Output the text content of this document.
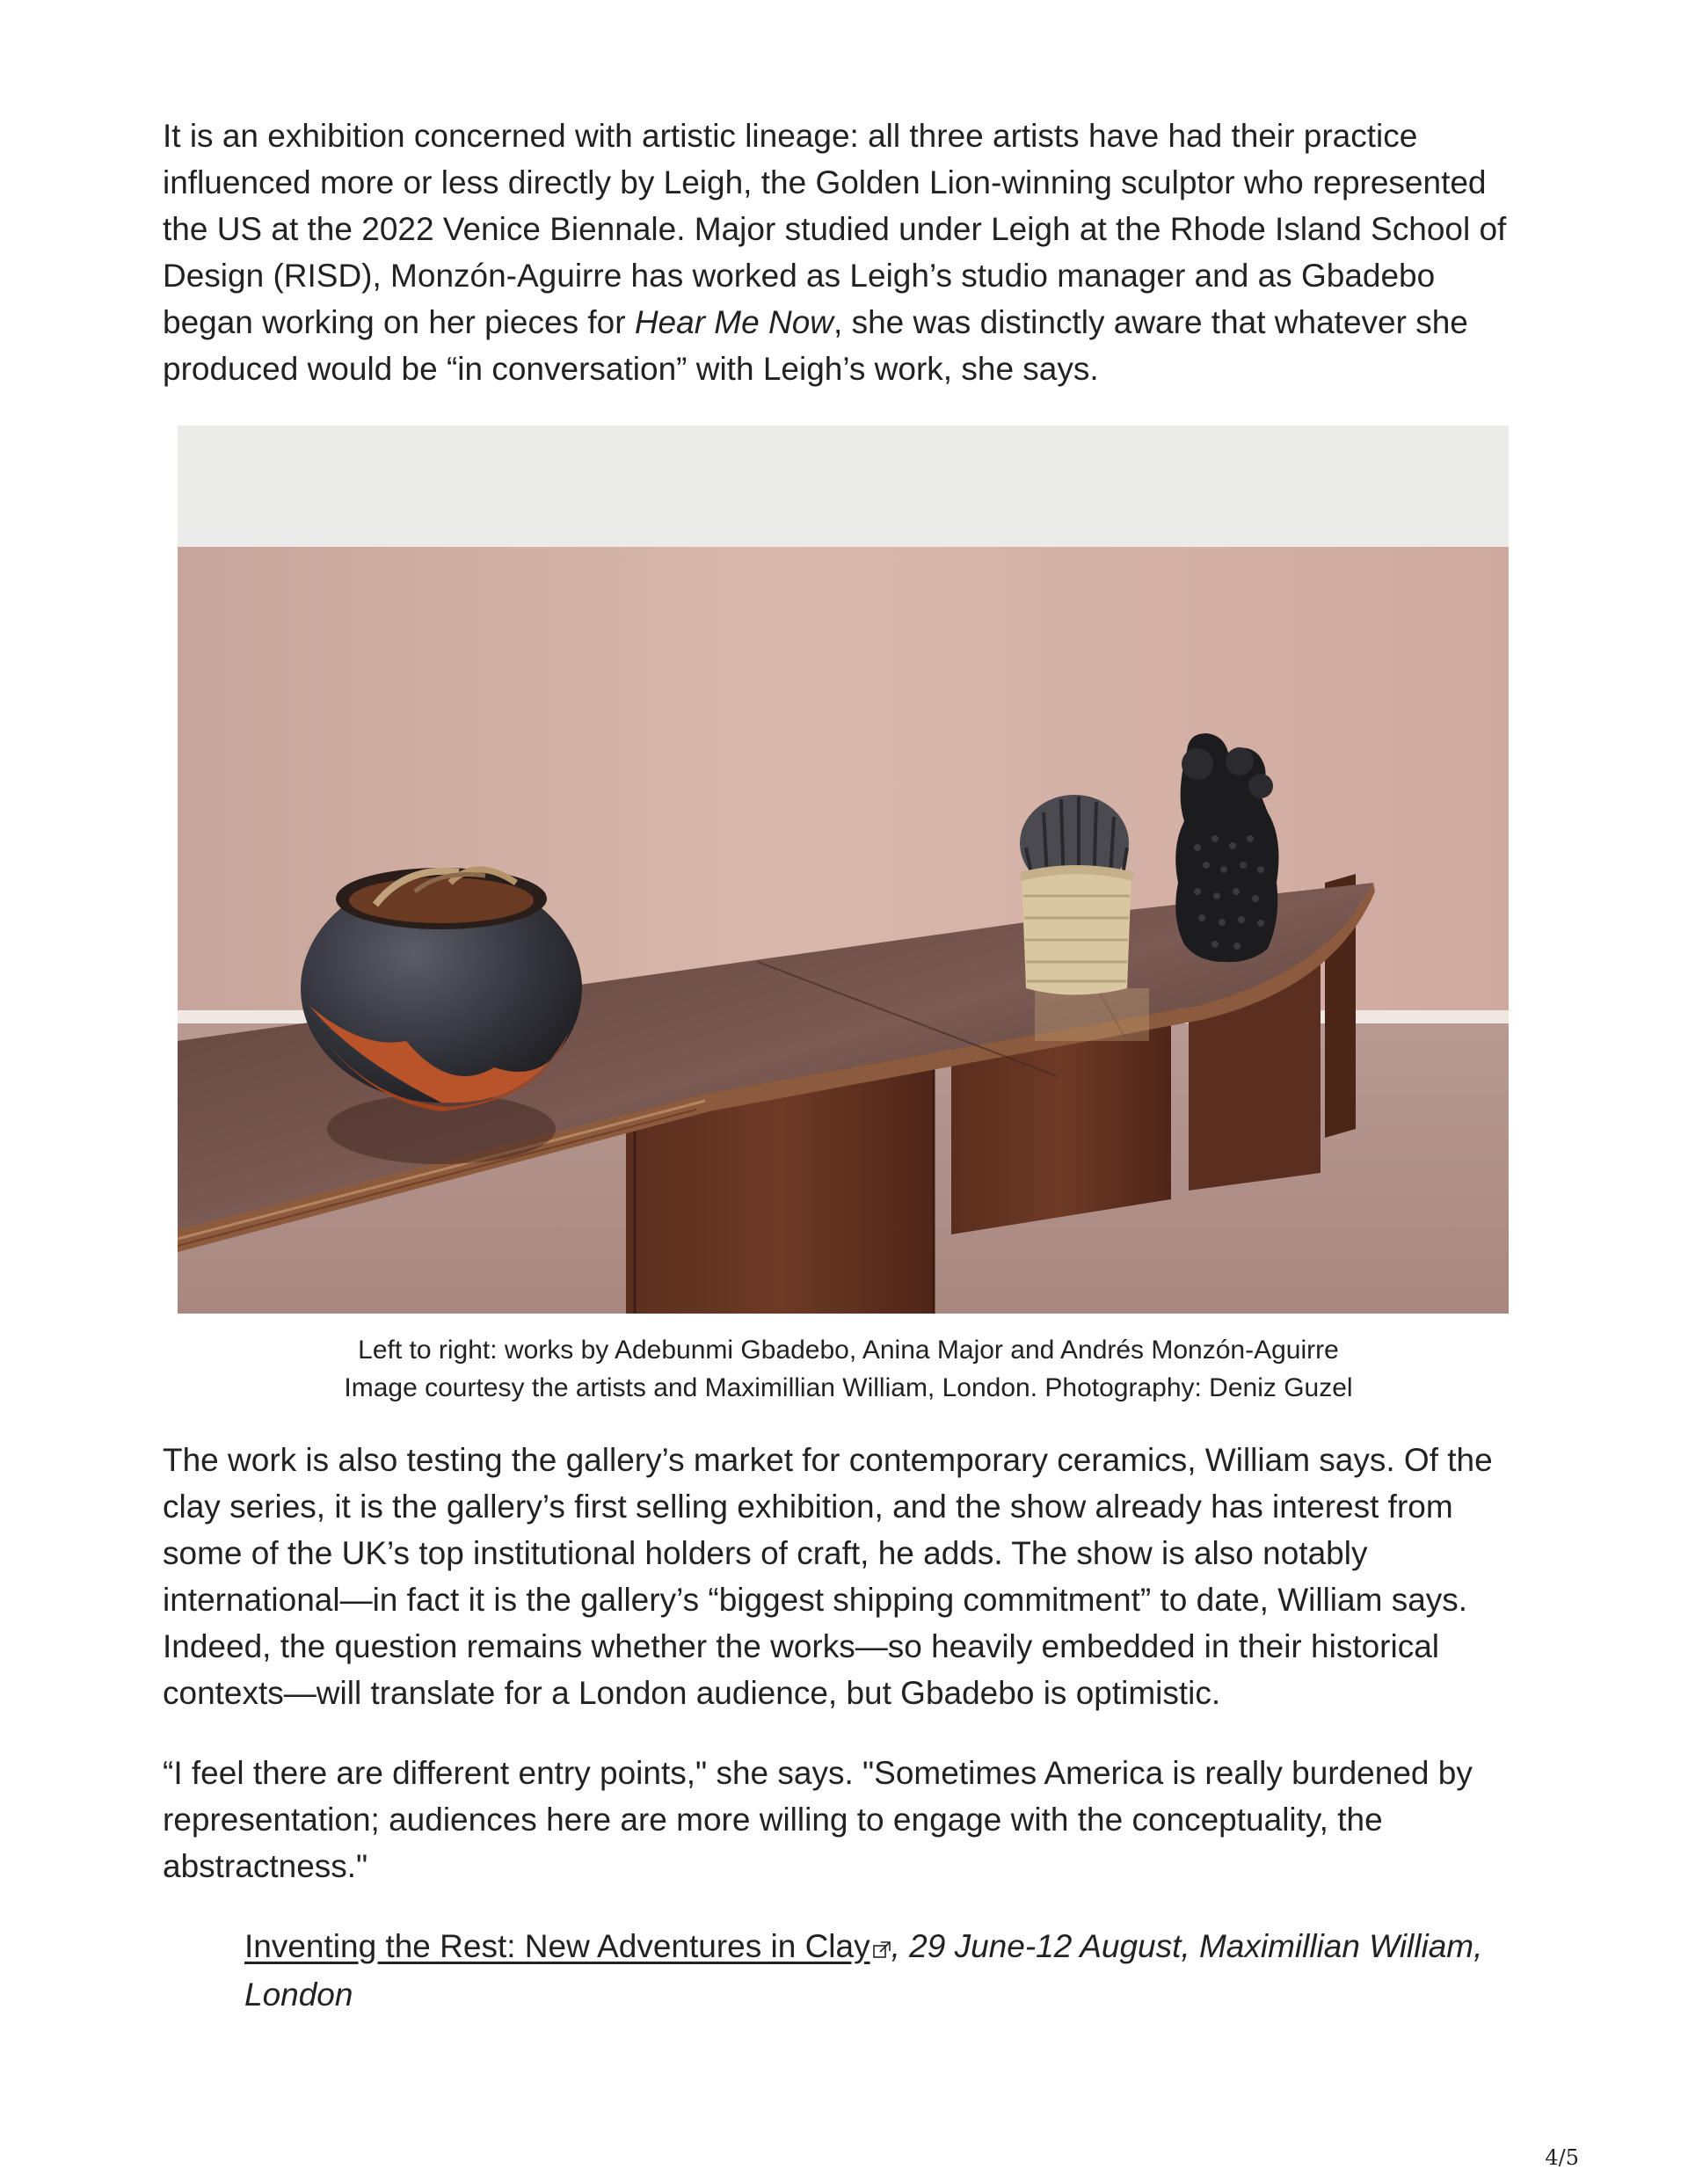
It is an exhibition concerned with artistic lineage: all three artists have had their practice influenced more or less directly by Leigh, the Golden Lion-winning sculptor who represented the US at the 2022 Venice Biennale. Major studied under Leigh at the Rhode Island School of Design (RISD), Monzón-Aguirre has worked as Leigh’s studio manager and as Gbadebo began working on her pieces for Hear Me Now, she was distinctly aware that whatever she produced would be “in conversation” with Leigh’s work, she says.

Left to right: works by Adebunmi Gbadebo, Anina Major and Andrés Monzón-Aguirre
Image courtesy the artists and Maximillian William, London. Photography: Deniz Guzel

The work is also testing the gallery’s market for contemporary ceramics, William says. Of the clay series, it is the gallery’s first selling exhibition, and the show already has interest from some of the UK’s top institutional holders of craft, he adds. The show is also notably international—in fact it is the gallery’s “biggest shipping commitment” to date, William says. Indeed, the question remains whether the works—so heavily embedded in their historical contexts—will translate for a London audience, but Gbadebo is optimistic.

“I feel there are different entry points," she says. "Sometimes America is really burdened by representation; audiences here are more willing to engage with the conceptuality, the abstractness."

Inventing the Rest: New Adventures in Clay , 29 June-12 August, Maximillian William, London
4/5
